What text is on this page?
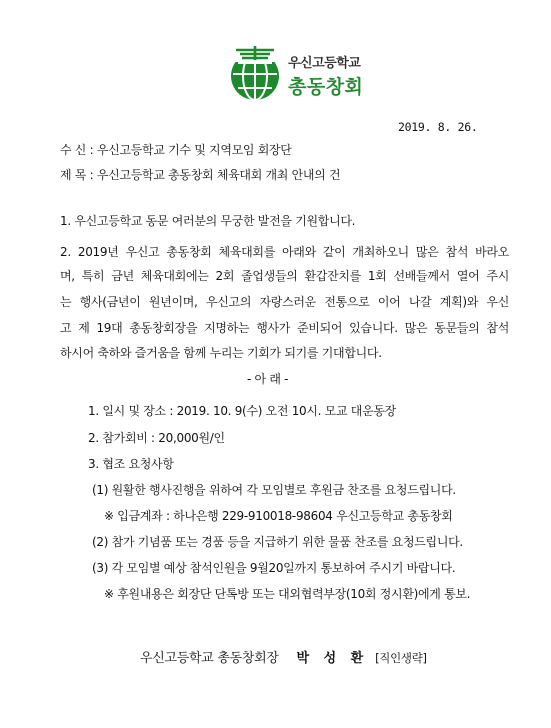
우신고등학교
총동창회
2019. 8. 26.
수 신 : 우신고등학교 기수 및 지역모임 회장단
제 목 : 우신고등학교 총동창회 체육대회 개최 안내의 건
1. 우신고등학교 동문 여러분의 무궁한 발전을 기원합니다.
2. 2019년 우신고 총동창회 체육대회를 아래와 같이 개최하오니 많은 참석 바라오
며, 특히 금년 체육대회에는 2회 졸업생들의 환갑잔치를 1회 선배들께서 열어 주시
는 행사(금년이 원년이며, 우신고의 자랑스러운 전통으로 이어 나갈 계획)와 우신
고 제 19대 총동창회장을 지명하는 행사가 준비되어 있습니다. 많은 동문들의 참석
하시어 축하와 즐거움을 함께 누리는 기회가 되기를 기대합니다.
- 아 래 -
1. 일시 및 장소 : 2019. 10. 9(수) 오전 10시. 모교 대운동장
2. 참가회비 : 20,000원/인
3. 협조 요청사항
(1) 원활한 행사진행을 위하여 각 모임별로 후원금 찬조를 요청드립니다.
※ 입금계좌 : 하나은행 229-910018-98604 우신고등학교 총동창회
(2) 참가 기념품 또는 경품 등을 지급하기 위한 물품 찬조를 요청드립니다.
(3) 각 모임별 예상 참석인원을 9월20일까지 통보하여 주시기 바랍니다.
※ 후원내용은 회장단 단톡방 또는 대외협력부장(10회 정시환)에게 통보.
우신고등학교 총동창회장 박 성 환 [직인생략]
